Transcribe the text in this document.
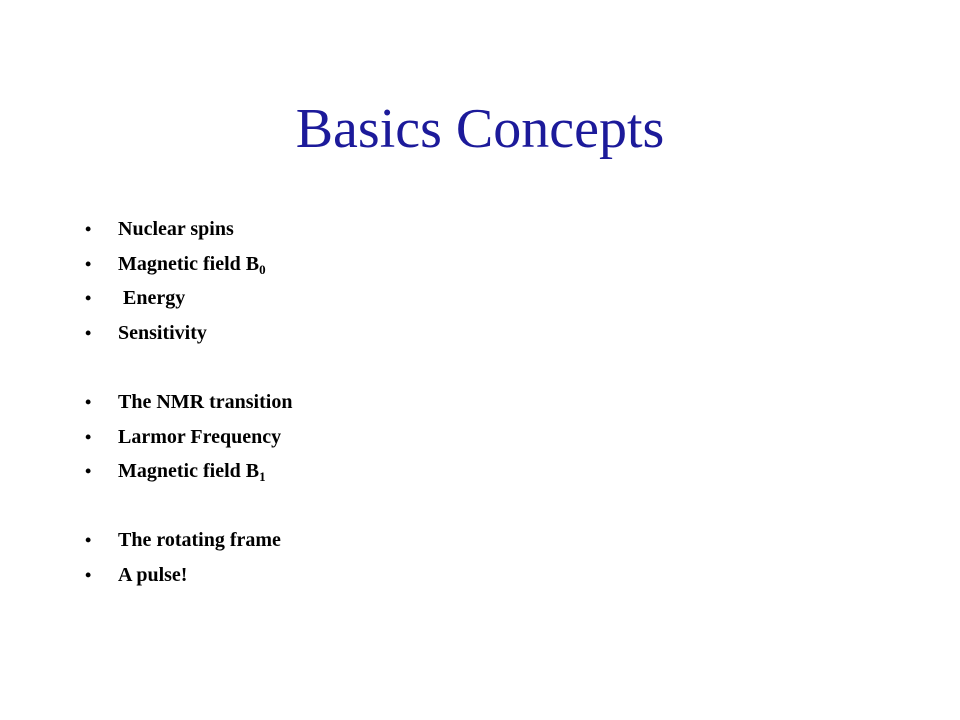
Basics Concepts
•	Nuclear spins
•	Magnetic field $B_0$
•	Energy
•	Sensitivity
•	The NMR transition
•	Larmor Frequency
•	Magnetic field $B_1$
•	The rotating frame
•	A pulse!
